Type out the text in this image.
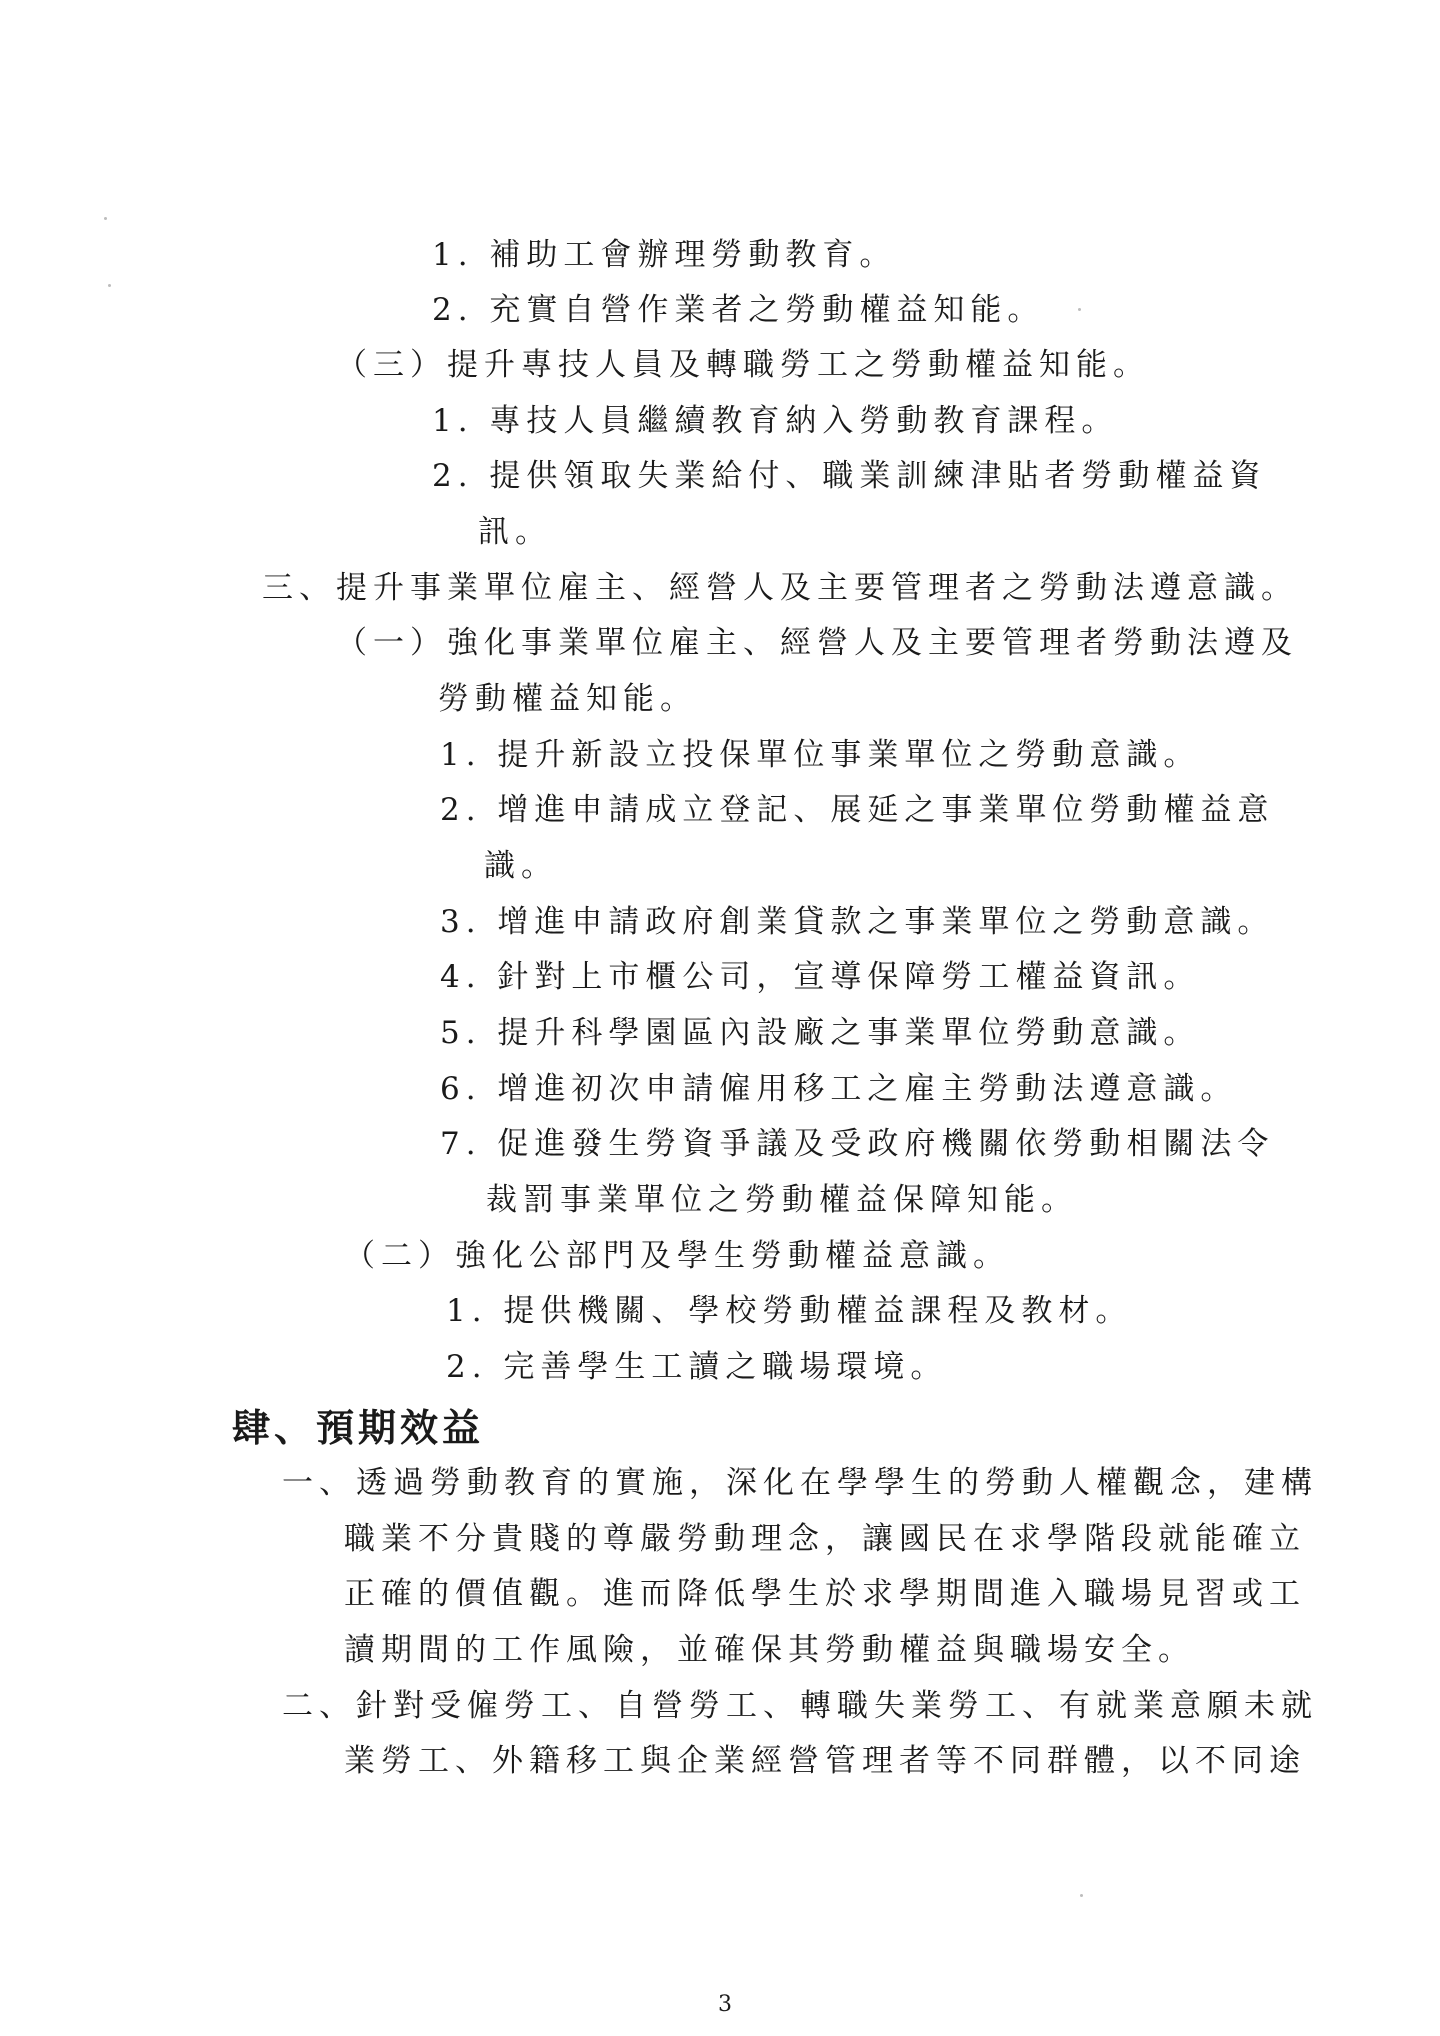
1. 補助工會辦理勞動教育。
2. 充實自營作業者之勞動權益知能。
（三）提升專技人員及轉職勞工之勞動權益知能。
1. 專技人員繼續教育納入勞動教育課程。
2. 提供領取失業給付、職業訓練津貼者勞動權益資
訊。
三、提升事業單位雇主、經營人及主要管理者之勞動法遵意識。
（一）強化事業單位雇主、經營人及主要管理者勞動法遵及
勞動權益知能。
1. 提升新設立投保單位事業單位之勞動意識。
2. 增進申請成立登記、展延之事業單位勞動權益意
識。
3. 增進申請政府創業貸款之事業單位之勞動意識。
4. 針對上市櫃公司，宣導保障勞工權益資訊。
5. 提升科學園區內設廠之事業單位勞動意識。
6. 增進初次申請僱用移工之雇主勞動法遵意識。
7. 促進發生勞資爭議及受政府機關依勞動相關法令
裁罰事業單位之勞動權益保障知能。
（二）強化公部門及學生勞動權益意識。
1. 提供機關、學校勞動權益課程及教材。
2. 完善學生工讀之職場環境。
肆、預期效益
一、透過勞動教育的實施，深化在學學生的勞動人權觀念，建構
職業不分貴賤的尊嚴勞動理念，讓國民在求學階段就能確立
正確的價值觀。進而降低學生於求學期間進入職場見習或工
讀期間的工作風險，並確保其勞動權益與職場安全。
二、針對受僱勞工、自營勞工、轉職失業勞工、有就業意願未就
業勞工、外籍移工與企業經營管理者等不同群體，以不同途
3
